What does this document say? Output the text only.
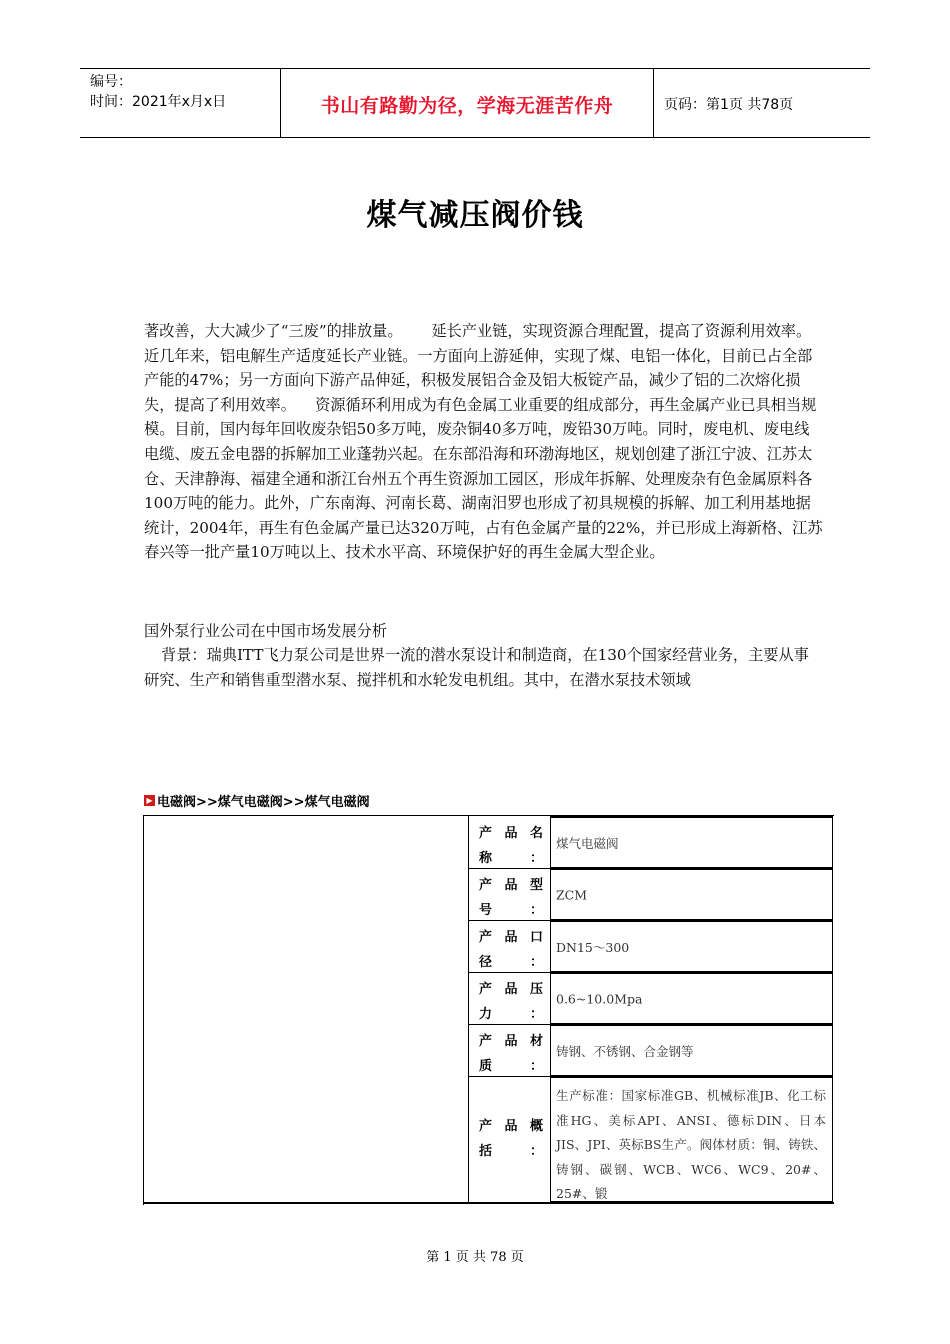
编号：
时间：2021年x月x日	书山有路勤为径，学海无涯苦作舟	页码：第1页 共78页
煤气减压阀价钱

著改善，大大减少了“三废”的排放量。      延长产业链，实现资源合理配置，提高了资源利用效率。近几年来，铝电解生产适度延长产业链。一方面向上游延伸，实现了煤、电铝一体化，目前已占全部产能的47%；另一方面向下游产品伸延，积极发展铝合金及铝大板锭产品，减少了铝的二次熔化损失，提高了利用效率。    资源循环利用成为有色金属工业重要的组成部分，再生金属产业已具相当规模。目前，国内每年回收废杂铝50多万吨，废杂铜40多万吨，废铅30万吨。同时，废电机、废电线电缆、废五金电器的拆解加工业蓬勃兴起。在东部沿海和环渤海地区，规划创建了浙江宁波、江苏太仓、天津静海、福建全通和浙江台州五个再生资源加工园区，形成年拆解、处理废杂有色金属原料各100万吨的能力。此外，广东南海、河南长葛、湖南汨罗也形成了初具规模的拆解、加工利用基地据统计，2004年，再生有色金属产量已达320万吨，占有色金属产量的22%，并已形成上海新格、江苏春兴等一批产量10万吨以上、技术水平高、环境保护好的再生金属大型企业。

国外泵行业公司在中国市场发展分析

背景：瑞典ITT飞力泵公司是世界一流的潜水泵设计和制造商，在130个国家经营业务，主要从事研究、生产和销售重型潜水泵、搅拌机和水轮发电机组。其中，在潜水泵技术领域

▶ 电磁阀>>煤气电磁阀>>煤气电磁阀
产品名称：
煤气电磁阀
产品型号：
ZCM
产品口径：
DN15～300
产品压力：
0.6~10.0Mpa
产品材质：
铸钢、不锈钢、合金钢等
产品概括：
生产标准：国家标准GB、机械标准JB、化工标准HG、美标API、ANSI、德标DIN、日本JIS、JPI、英标BS生产。阀体材质：铜、铸铁、铸钢、碳钢、WCB、WC6、WC9、20#、25#、锻
第 1 页 共 78 页
